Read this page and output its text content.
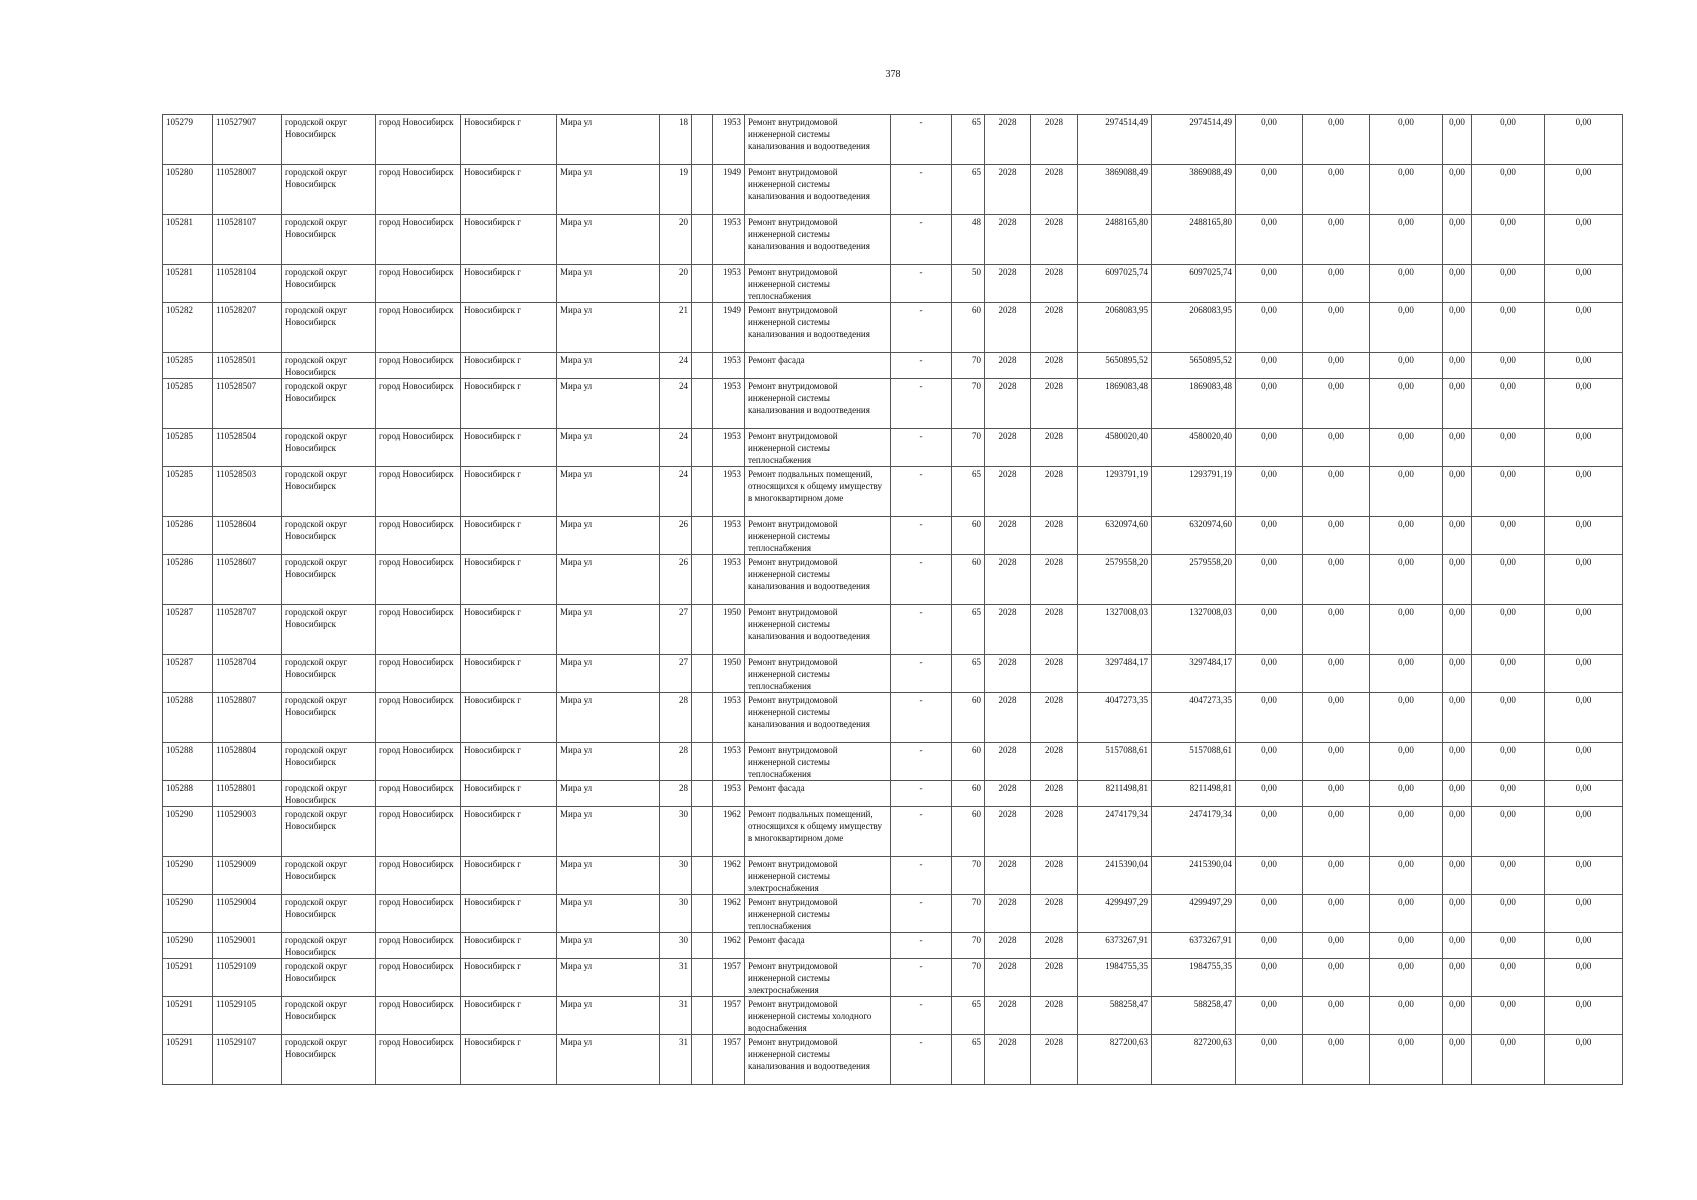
378
105279	110527907	городской округ Новосибирск	город Новосибирск	Новосибирск г	Мира ул	18		1953	Ремонт внутридомовой инженерной системы канализования и водоотведения	-	65	2028	2028	2974514,49	2974514,49	0,00	0,00	0,00	0,00	0,00	0,00
105280	110528007	городской округ Новосибирск	город Новосибирск	Новосибирск г	Мира ул	19		1949	Ремонт внутридомовой инженерной системы канализования и водоотведения	-	65	2028	2028	3869088,49	3869088,49	0,00	0,00	0,00	0,00	0,00	0,00
105281	110528107	городской округ Новосибирск	город Новосибирск	Новосибирск г	Мира ул	20		1953	Ремонт внутридомовой инженерной системы канализования и водоотведения	-	48	2028	2028	2488165,80	2488165,80	0,00	0,00	0,00	0,00	0,00	0,00
105281	110528104	городской округ Новосибирск	город Новосибирск	Новосибирск г	Мира ул	20		1953	Ремонт внутридомовой инженерной системы теплоснабжения	-	50	2028	2028	6097025,74	6097025,74	0,00	0,00	0,00	0,00	0,00	0,00
105282	110528207	городской округ Новосибирск	город Новосибирск	Новосибирск г	Мира ул	21		1949	Ремонт внутридомовой инженерной системы канализования и водоотведения	-	60	2028	2028	2068083,95	2068083,95	0,00	0,00	0,00	0,00	0,00	0,00
105285	110528501	городской округ Новосибирск	город Новосибирск	Новосибирск г	Мира ул	24		1953	Ремонт фасада	-	70	2028	2028	5650895,52	5650895,52	0,00	0,00	0,00	0,00	0,00	0,00
105285	110528507	городской округ Новосибирск	город Новосибирск	Новосибирск г	Мира ул	24		1953	Ремонт внутридомовой инженерной системы канализования и водоотведения	-	70	2028	2028	1869083,48	1869083,48	0,00	0,00	0,00	0,00	0,00	0,00
105285	110528504	городской округ Новосибирск	город Новосибирск	Новосибирск г	Мира ул	24		1953	Ремонт внутридомовой инженерной системы теплоснабжения	-	70	2028	2028	4580020,40	4580020,40	0,00	0,00	0,00	0,00	0,00	0,00
105285	110528503	городской округ Новосибирск	город Новосибирск	Новосибирск г	Мира ул	24		1953	Ремонт подвальных помещений, относящихся к общему имуществу в многоквартирном доме	-	65	2028	2028	1293791,19	1293791,19	0,00	0,00	0,00	0,00	0,00	0,00
105286	110528604	городской округ Новосибирск	город Новосибирск	Новосибирск г	Мира ул	26		1953	Ремонт внутридомовой инженерной системы теплоснабжения	-	60	2028	2028	6320974,60	6320974,60	0,00	0,00	0,00	0,00	0,00	0,00
105286	110528607	городской округ Новосибирск	город Новосибирск	Новосибирск г	Мира ул	26		1953	Ремонт внутридомовой инженерной системы канализования и водоотведения	-	60	2028	2028	2579558,20	2579558,20	0,00	0,00	0,00	0,00	0,00	0,00
105287	110528707	городской округ Новосибирск	город Новосибирск	Новосибирск г	Мира ул	27		1950	Ремонт внутридомовой инженерной системы канализования и водоотведения	-	65	2028	2028	1327008,03	1327008,03	0,00	0,00	0,00	0,00	0,00	0,00
105287	110528704	городской округ Новосибирск	город Новосибирск	Новосибирск г	Мира ул	27		1950	Ремонт внутридомовой инженерной системы теплоснабжения	-	65	2028	2028	3297484,17	3297484,17	0,00	0,00	0,00	0,00	0,00	0,00
105288	110528807	городской округ Новосибирск	город Новосибирск	Новосибирск г	Мира ул	28		1953	Ремонт внутридомовой инженерной системы канализования и водоотведения	-	60	2028	2028	4047273,35	4047273,35	0,00	0,00	0,00	0,00	0,00	0,00
105288	110528804	городской округ Новосибирск	город Новосибирск	Новосибирск г	Мира ул	28		1953	Ремонт внутридомовой инженерной системы теплоснабжения	-	60	2028	2028	5157088,61	5157088,61	0,00	0,00	0,00	0,00	0,00	0,00
105288	110528801	городской округ Новосибирск	город Новосибирск	Новосибирск г	Мира ул	28		1953	Ремонт фасада	-	60	2028	2028	8211498,81	8211498,81	0,00	0,00	0,00	0,00	0,00	0,00
105290	110529003	городской округ Новосибирск	город Новосибирск	Новосибирск г	Мира ул	30		1962	Ремонт подвальных помещений, относящихся к общему имуществу в многоквартирном доме	-	60	2028	2028	2474179,34	2474179,34	0,00	0,00	0,00	0,00	0,00	0,00
105290	110529009	городской округ Новосибирск	город Новосибирск	Новосибирск г	Мира ул	30		1962	Ремонт внутридомовой инженерной системы электроснабжения	-	70	2028	2028	2415390,04	2415390,04	0,00	0,00	0,00	0,00	0,00	0,00
105290	110529004	городской округ Новосибирск	город Новосибирск	Новосибирск г	Мира ул	30		1962	Ремонт внутридомовой инженерной системы теплоснабжения	-	70	2028	2028	4299497,29	4299497,29	0,00	0,00	0,00	0,00	0,00	0,00
105290	110529001	городской округ Новосибирск	город Новосибирск	Новосибирск г	Мира ул	30		1962	Ремонт фасада	-	70	2028	2028	6373267,91	6373267,91	0,00	0,00	0,00	0,00	0,00	0,00
105291	110529109	городской округ Новосибирск	город Новосибирск	Новосибирск г	Мира ул	31		1957	Ремонт внутридомовой инженерной системы электроснабжения	-	70	2028	2028	1984755,35	1984755,35	0,00	0,00	0,00	0,00	0,00	0,00
105291	110529105	городской округ Новосибирск	город Новосибирск	Новосибирск г	Мира ул	31		1957	Ремонт внутридомовой инженерной системы холодного водоснабжения	-	65	2028	2028	588258,47	588258,47	0,00	0,00	0,00	0,00	0,00	0,00
105291	110529107	городской округ Новосибирск	город Новосибирск	Новосибирск г	Мира ул	31		1957	Ремонт внутридомовой инженерной системы канализования и водоотведения	-	65	2028	2028	827200,63	827200,63	0,00	0,00	0,00	0,00	0,00	0,00
